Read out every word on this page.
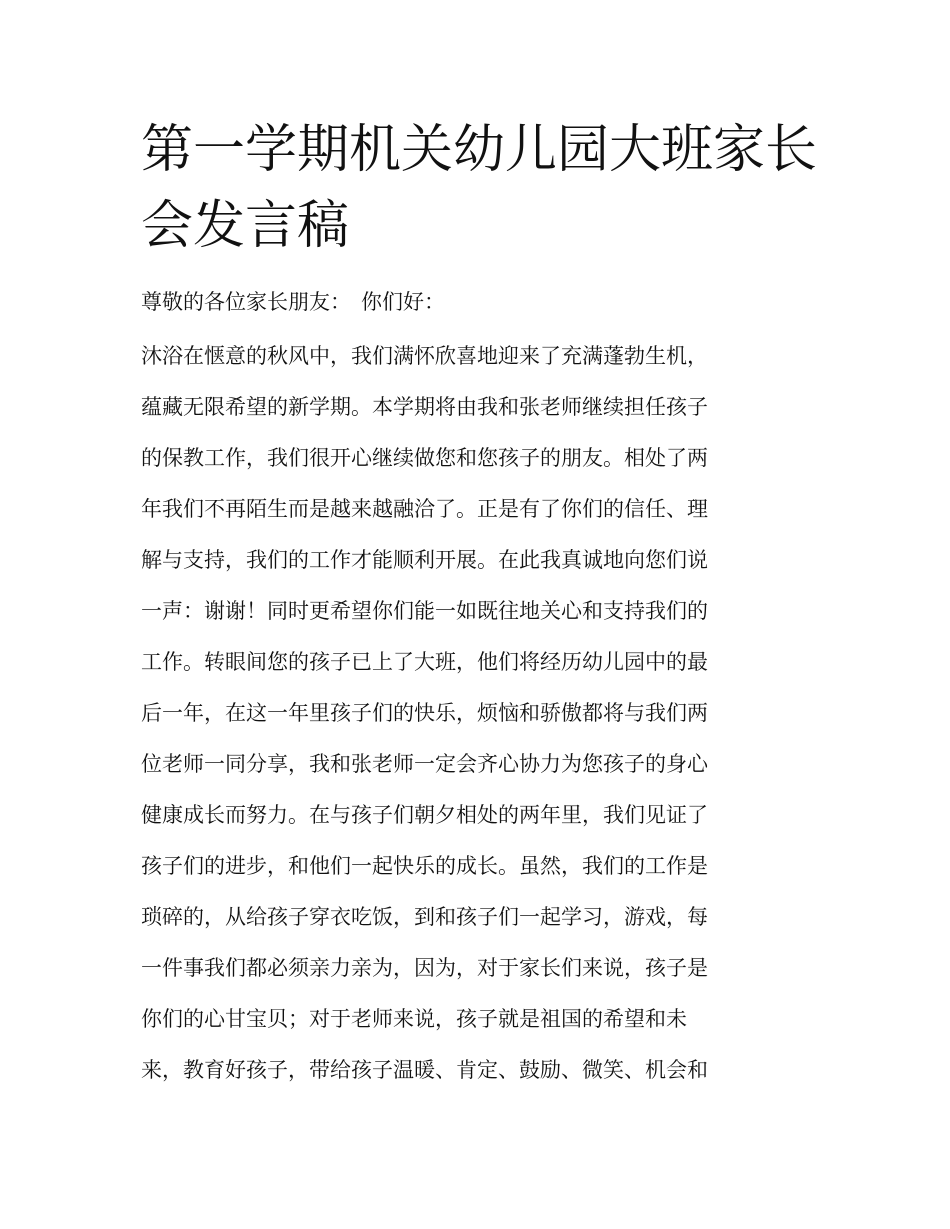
第一学期机关幼儿园大班家长
会发言稿

尊敬的各位家长朋友： 你们好：

沐浴在惬意的秋风中，我们满怀欣喜地迎来了充满蓬勃生机，
蕴藏无限希望的新学期。本学期将由我和张老师继续担任孩子
的保教工作，我们很开心继续做您和您孩子的朋友。相处了两
年我们不再陌生而是越来越融洽了。正是有了你们的信任、理
解与支持，我们的工作才能顺利开展。在此我真诚地向您们说
一声：谢谢！同时更希望你们能一如既往地关心和支持我们的
工作。转眼间您的孩子已上了大班，他们将经历幼儿园中的最
后一年，在这一年里孩子们的快乐，烦恼和骄傲都将与我们两
位老师一同分享，我和张老师一定会齐心协力为您孩子的身心
健康成长而努力。在与孩子们朝夕相处的两年里，我们见证了
孩子们的进步，和他们一起快乐的成长。虽然，我们的工作是
琐碎的，从给孩子穿衣吃饭，到和孩子们一起学习，游戏，每
一件事我们都必须亲力亲为，因为，对于家长们来说，孩子是
你们的心甘宝贝；对于老师来说，孩子就是祖国的希望和未
来，教育好孩子，带给孩子温暖、肯定、鼓励、微笑、机会和
